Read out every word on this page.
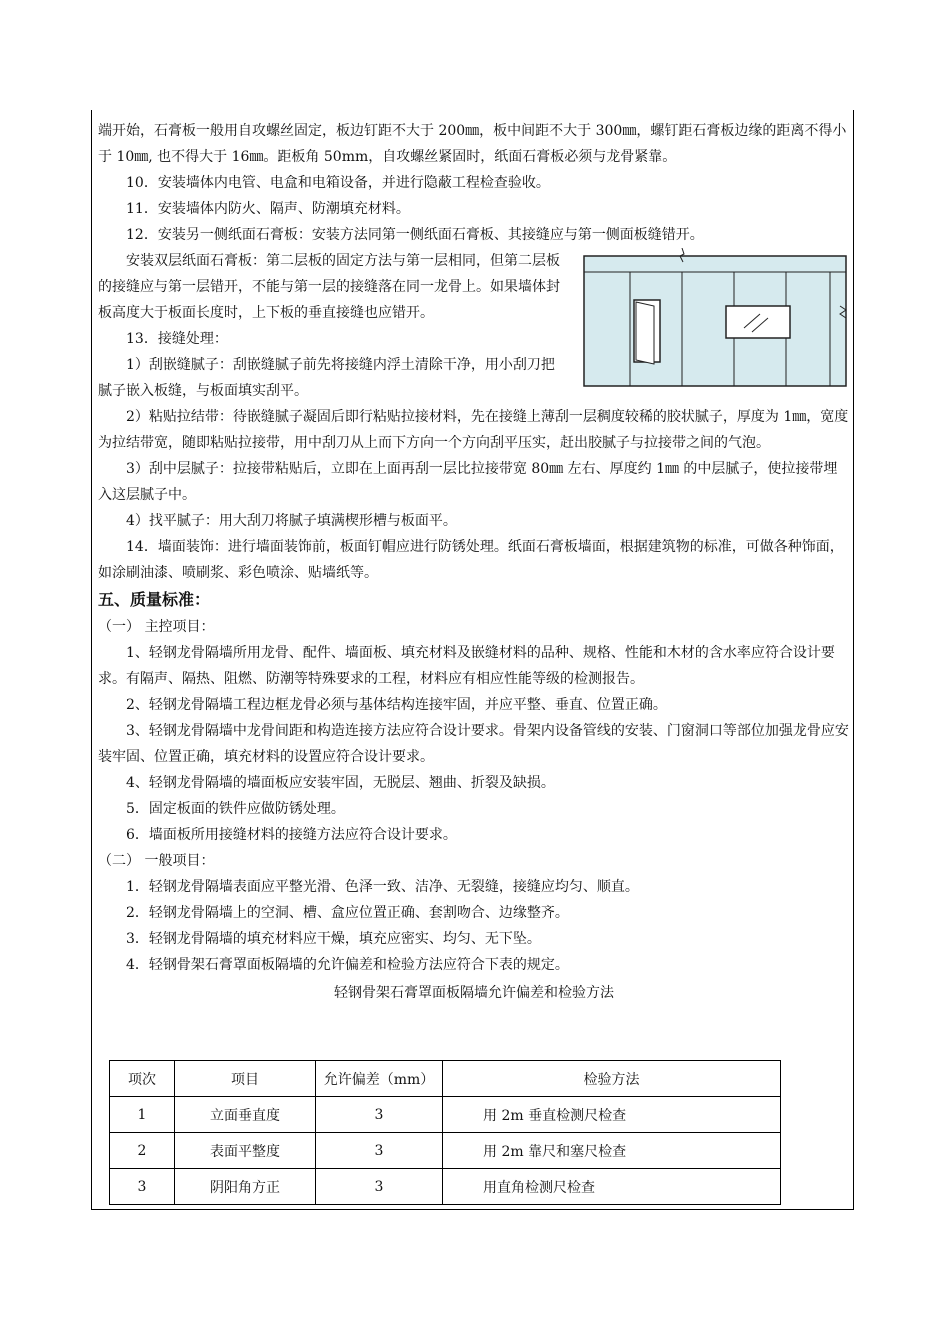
端开始，石膏板一般用自攻螺丝固定，板边钉距不大于 200㎜，板中间距不大于 300㎜，螺钉距石膏板边缘的距离不得小于 10㎜, 也不得大于 16㎜。距板角 50mm，自攻螺丝紧固时，纸面石膏板必须与龙骨紧靠。

10．安装墙体内电管、电盒和电箱设备，并进行隐蔽工程检查验收。

11．安装墙体内防火、隔声、防潮填充材料。

12．安装另一侧纸面石膏板：安装方法同第一侧纸面石膏板、其接缝应与第一侧面板缝错开。

安装双层纸面石膏板：第二层板的固定方法与第一层相同，但第二层板的接缝应与第一层错开，不能与第一层的接缝落在同一龙骨上。如果墙体封板高度大于板面长度时，上下板的垂直接缝也应错开。

13．接缝处理：

1）刮嵌缝腻子：刮嵌缝腻子前先将接缝内浮土清除干净，用小刮刀把腻子嵌入板缝，与板面填实刮平。

2）粘贴拉结带：待嵌缝腻子凝固后即行粘贴拉接材料，先在接缝上薄刮一层稠度较稀的胶状腻子，厚度为 1㎜，宽度为拉结带宽，随即粘贴拉接带，用中刮刀从上而下方向一个方向刮平压实，赶出胶腻子与拉接带之间的气泡。

3）刮中层腻子：拉接带粘贴后，立即在上面再刮一层比拉接带宽 80㎜ 左右、厚度约 1㎜ 的中层腻子，使拉接带埋入这层腻子中。

4）找平腻子：用大刮刀将腻子填满楔形槽与板面平。

14．墙面装饰：进行墙面装饰前，板面钉帽应进行防锈处理。纸面石膏板墙面，根据建筑物的标准，可做各种饰面，如涂刷油漆、喷刷浆、彩色喷涂、贴墙纸等。

五、质量标准：

（一） 主控项目：

1、轻钢龙骨隔墙所用龙骨、配件、墙面板、填充材料及嵌缝材料的品种、规格、性能和木材的含水率应符合设计要求。有隔声、隔热、阻燃、防潮等特殊要求的工程，材料应有相应性能等级的检测报告。

2、轻钢龙骨隔墙工程边框龙骨必须与基体结构连接牢固，并应平整、垂直、位置正确。

3、轻钢龙骨隔墙中龙骨间距和构造连接方法应符合设计要求。骨架内设备管线的安装、门窗洞口等部位加强龙骨应安装牢固、位置正确，填充材料的设置应符合设计要求。

4、轻钢龙骨隔墙的墙面板应安装牢固，无脱层、翘曲、折裂及缺损。

5．固定板面的铁件应做防锈处理。

6．墙面板所用接缝材料的接缝方法应符合设计要求。

（二） 一般项目：

1．轻钢龙骨隔墙表面应平整光滑、色泽一致、洁净、无裂缝，接缝应均匀、顺直。

2．轻钢龙骨隔墙上的空洞、槽、盒应位置正确、套割吻合、边缘整齐。

3．轻钢龙骨隔墙的填充材料应干燥，填充应密实、均匀、无下坠。

4．轻钢骨架石膏罩面板隔墙的允许偏差和检验方法应符合下表的规定。

轻钢骨架石膏罩面板隔墙允许偏差和检验方法

项次	项目	允许偏差（mm）	检验方法
1	立面垂直度	3	用 2m 垂直检测尺检查
2	表面平整度	3	用 2m 靠尺和塞尺检查
3	阴阳角方正	3	用直角检测尺检查
